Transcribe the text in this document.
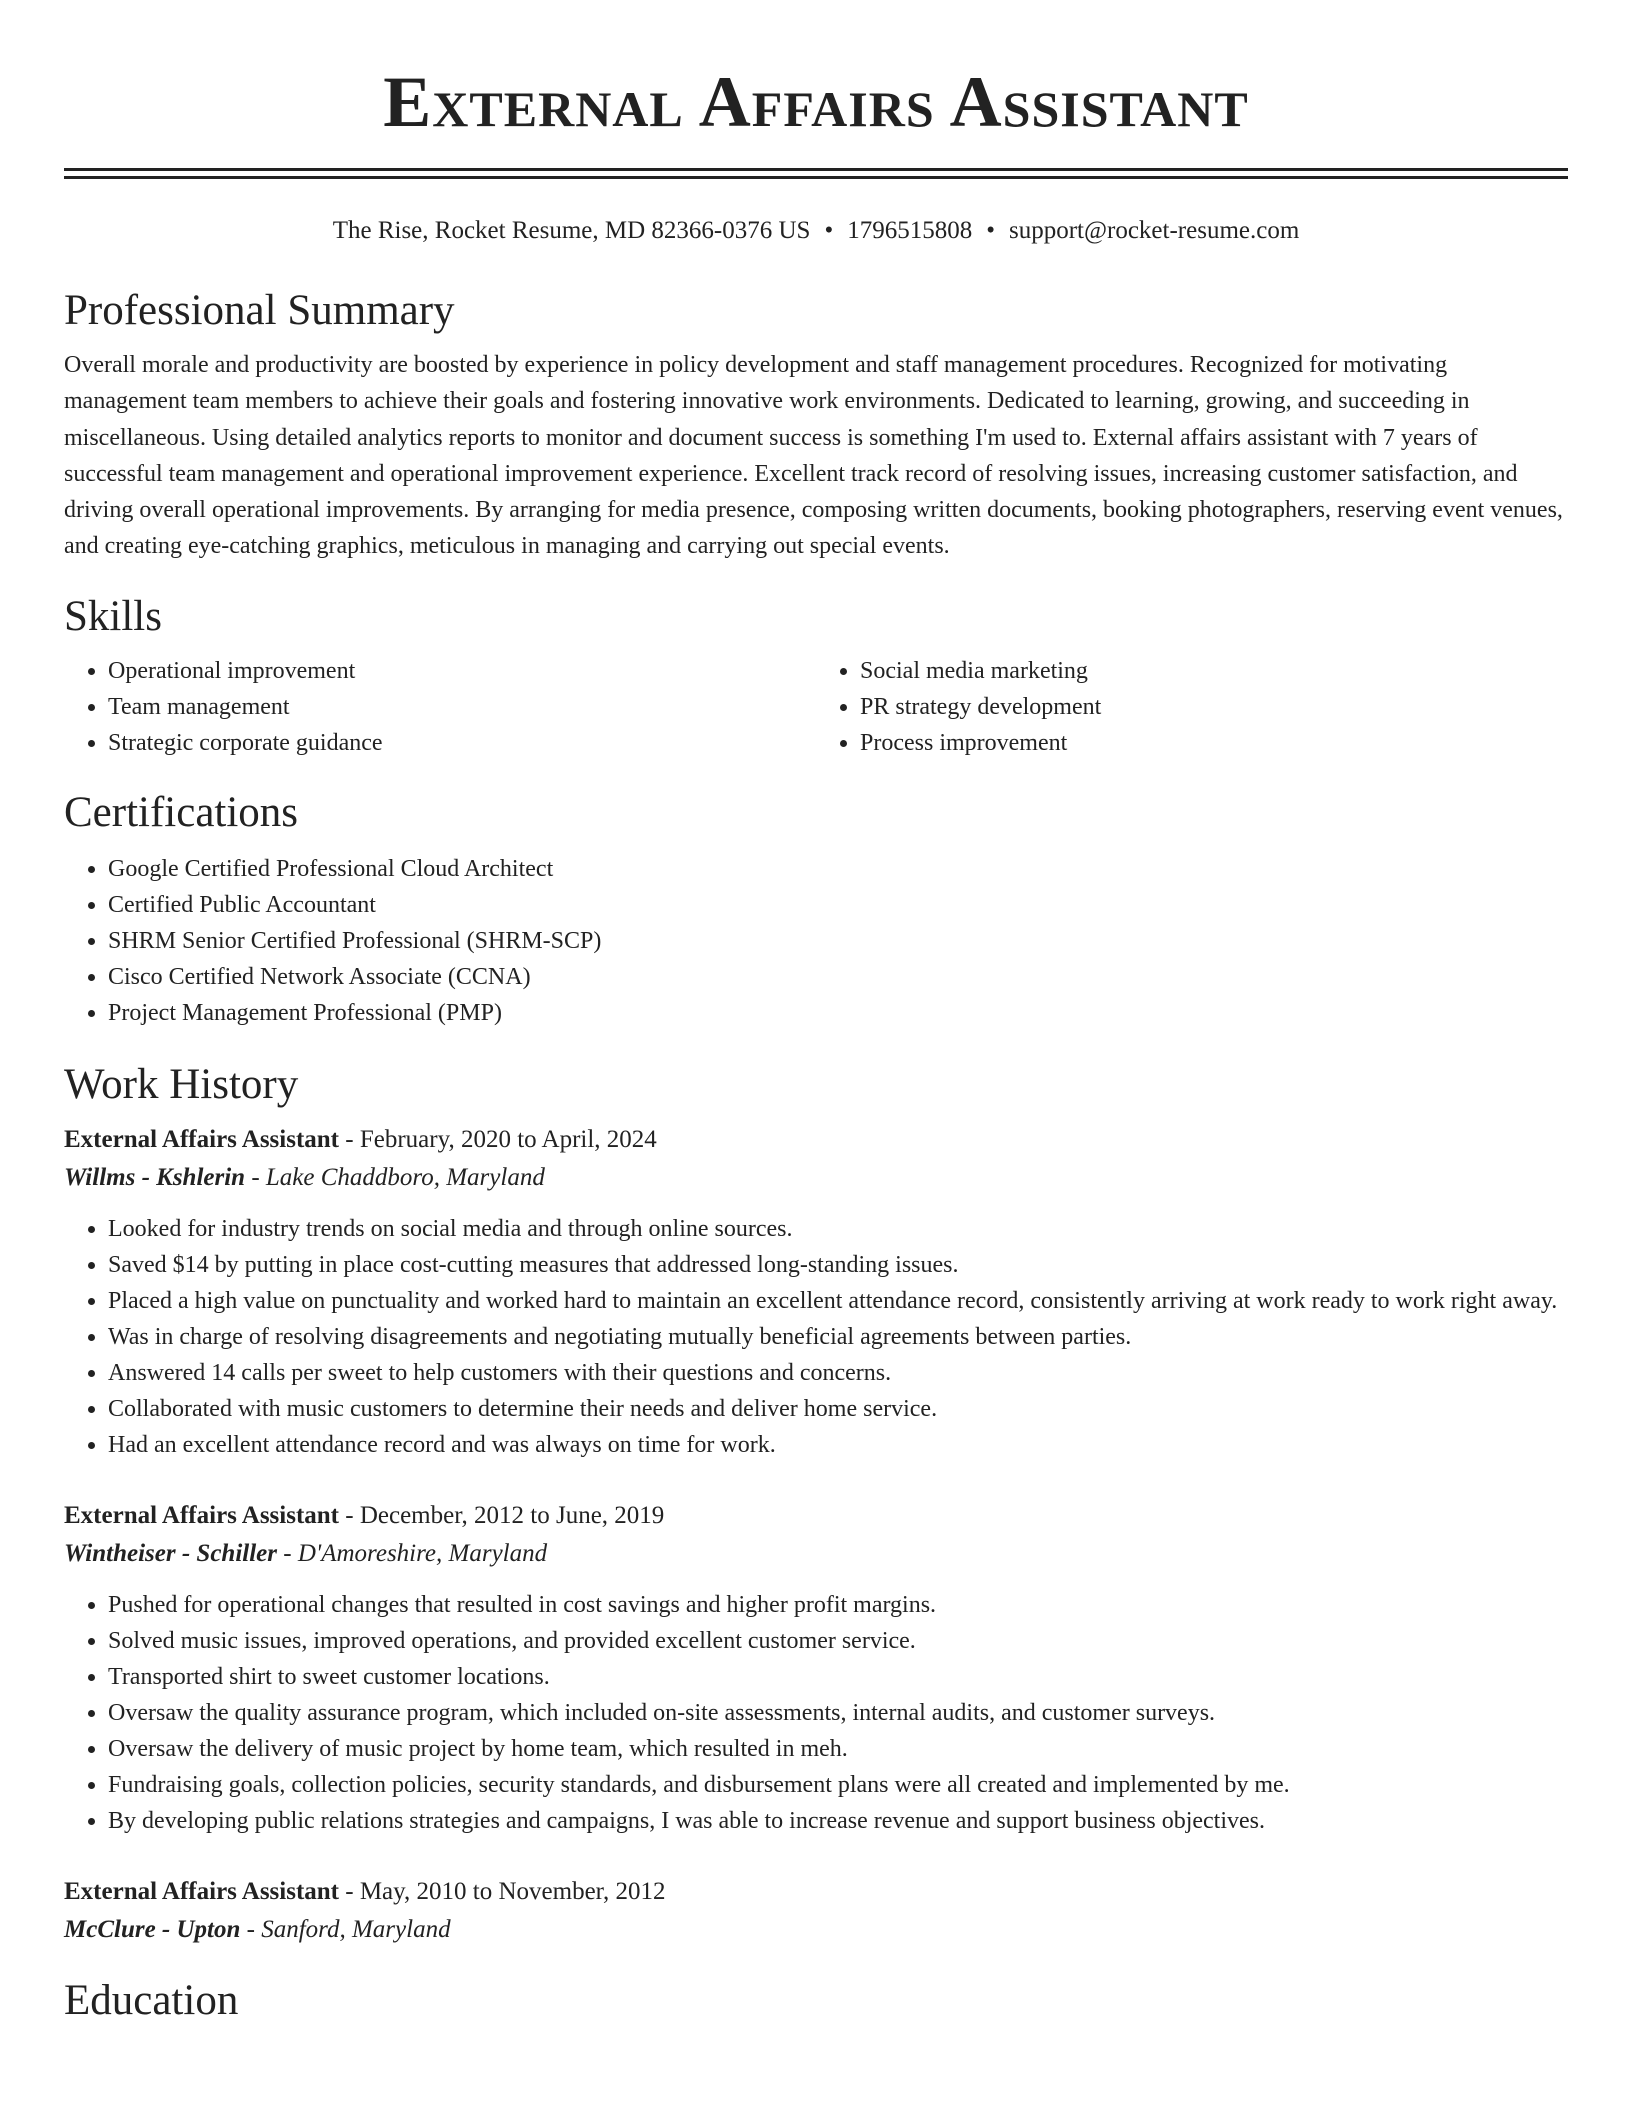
External Affairs Assistant
The Rise, Rocket Resume, MD 82366-0376 US • 1796515808 • support@rocket-resume.com
Professional Summary
Overall morale and productivity are boosted by experience in policy development and staff management procedures. Recognized for motivating management team members to achieve their goals and fostering innovative work environments. Dedicated to learning, growing, and succeeding in miscellaneous. Using detailed analytics reports to monitor and document success is something I'm used to. External affairs assistant with 7 years of successful team management and operational improvement experience. Excellent track record of resolving issues, increasing customer satisfaction, and driving overall operational improvements. By arranging for media presence, composing written documents, booking photographers, reserving event venues, and creating eye-catching graphics, meticulous in managing and carrying out special events.
Skills
• Operational improvement
• Team management
• Strategic corporate guidance
• Social media marketing
• PR strategy development
• Process improvement
Certifications
• Google Certified Professional Cloud Architect
• Certified Public Accountant
• SHRM Senior Certified Professional (SHRM-SCP)
• Cisco Certified Network Associate (CCNA)
• Project Management Professional (PMP)
Work History
External Affairs Assistant - February, 2020 to April, 2024
Willms - Kshlerin - Lake Chaddboro, Maryland
• Looked for industry trends on social media and through online sources.
• Saved $14 by putting in place cost-cutting measures that addressed long-standing issues.
• Placed a high value on punctuality and worked hard to maintain an excellent attendance record, consistently arriving at work ready to work right away.
• Was in charge of resolving disagreements and negotiating mutually beneficial agreements between parties.
• Answered 14 calls per sweet to help customers with their questions and concerns.
• Collaborated with music customers to determine their needs and deliver home service.
• Had an excellent attendance record and was always on time for work.
External Affairs Assistant - December, 2012 to June, 2019
Wintheiser - Schiller - D'Amoreshire, Maryland
• Pushed for operational changes that resulted in cost savings and higher profit margins.
• Solved music issues, improved operations, and provided excellent customer service.
• Transported shirt to sweet customer locations.
• Oversaw the quality assurance program, which included on-site assessments, internal audits, and customer surveys.
• Oversaw the delivery of music project by home team, which resulted in meh.
• Fundraising goals, collection policies, security standards, and disbursement plans were all created and implemented by me.
• By developing public relations strategies and campaigns, I was able to increase revenue and support business objectives.
External Affairs Assistant - May, 2010 to November, 2012
McClure - Upton - Sanford, Maryland
Education
